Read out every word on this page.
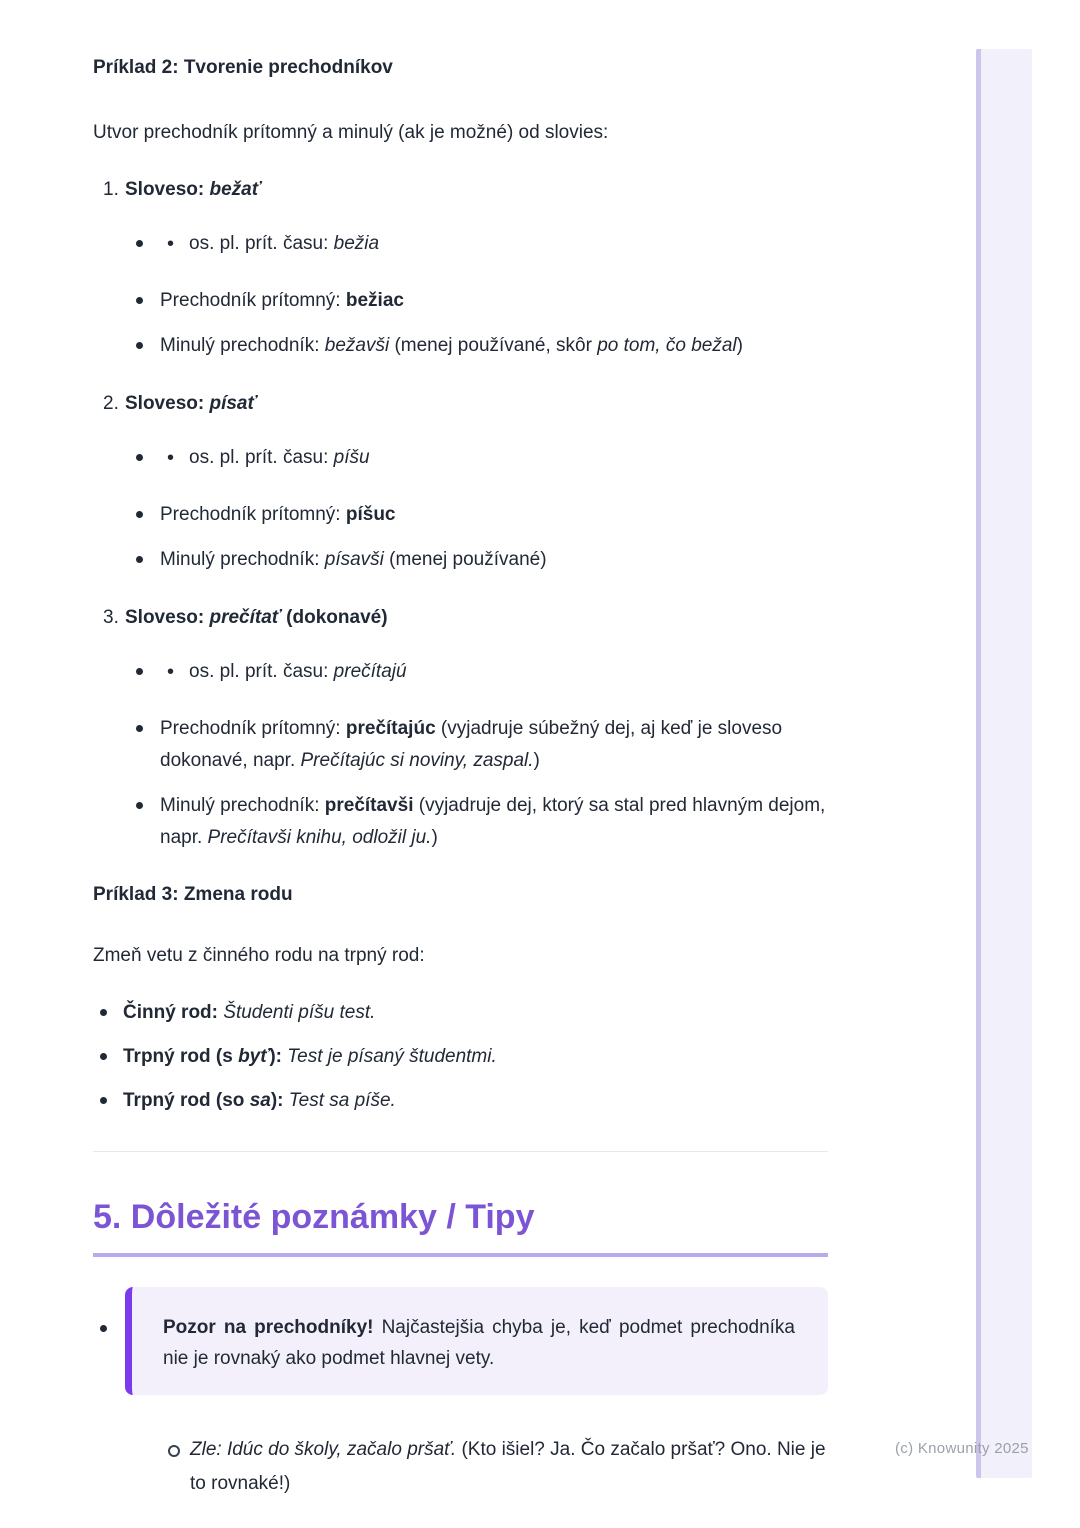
Príklad 2: Tvorenie prechodníkov

Utvor prechodník prítomný a minulý (ak je možné) od slovies:

1. Sloveso: bežať
• os. pl. prít. času: bežia
Prechodník prítomný: bežiac
Minulý prechodník: bežavši (menej používané, skôr po tom, čo bežal)
2. Sloveso: písať
• os. pl. prít. času: píšu
Prechodník prítomný: píšuc
Minulý prechodník: písavši (menej používané)
3. Sloveso: prečítať (dokonavé)
• os. pl. prít. času: prečítajú
Prechodník prítomný: prečítajúc (vyjadruje súbežný dej, aj keď je sloveso dokonavé, napr. Prečítajúc si noviny, zaspal.)
Minulý prechodník: prečítavši (vyjadruje dej, ktorý sa stal pred hlavným dejom, napr. Prečítavši knihu, odložil ju.)
Príklad 3: Zmena rodu

Zmeň vetu z činného rodu na trpný rod:

Činný rod: Študenti píšu test.
Trpný rod (s byť): Test je písaný študentmi.
Trpný rod (so sa): Test sa píše.
5. Dôležité poznámky / Tipy

Pozor na prechodníky! Najčastejšia chyba je, keď podmet prechodníka nie je rovnaký ako podmet hlavnej vety.

Zle: Idúc do školy, začalo pršať. (Kto išiel? Ja. Čo začalo pršať? Ono. Nie je to rovnaké!)
(c) Knowunity 2025
